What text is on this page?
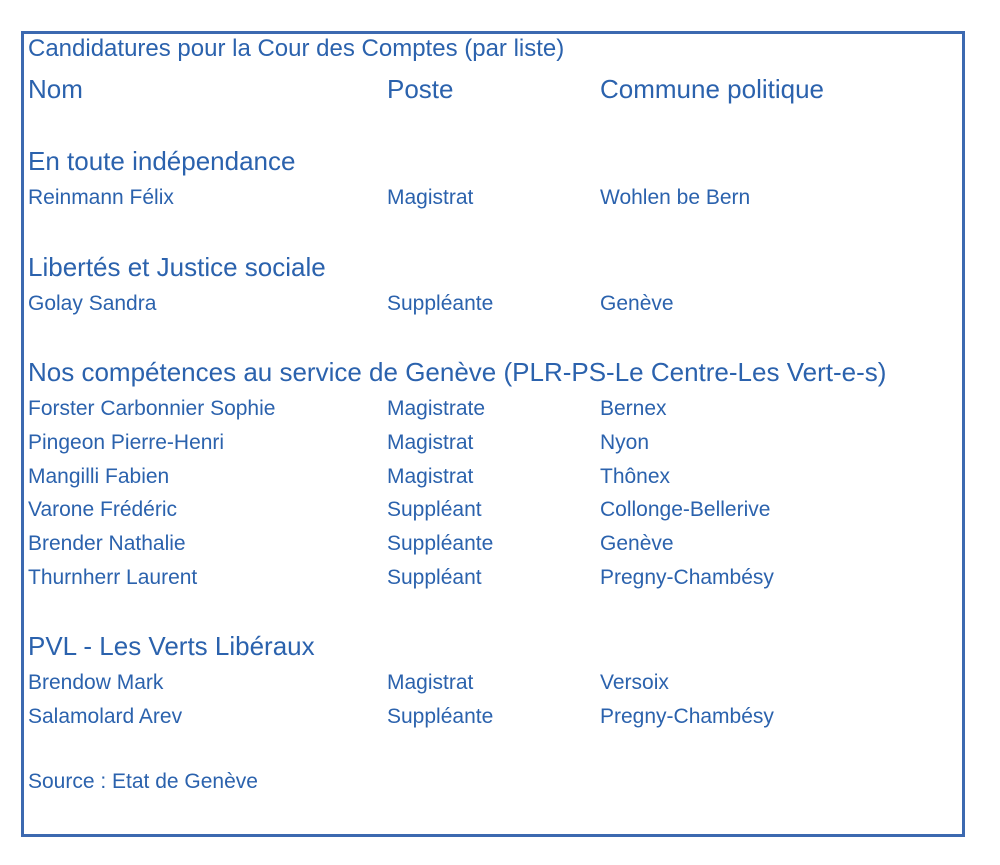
Candidatures pour la Cour des Comptes (par liste)
Nom	Poste	Commune politique
En toute indépendance
Reinmann Félix	Magistrat	Wohlen be Bern
Libertés et Justice sociale
Golay Sandra	Suppléante	Genève
Nos compétences au service de Genève (PLR-PS-Le Centre-Les Vert-e-s)
Forster Carbonnier Sophie	Magistrate	Bernex
Pingeon Pierre-Henri	Magistrat	Nyon
Mangilli Fabien	Magistrat	Thônex
Varone Frédéric	Suppléant	Collonge-Bellerive
Brender Nathalie	Suppléante	Genève
Thurnherr Laurent	Suppléant	Pregny-Chambésy
PVL - Les Verts Libéraux
Brendow Mark	Magistrat	Versoix
Salamolard Arev	Suppléante	Pregny-Chambésy
Source : Etat de Genève
